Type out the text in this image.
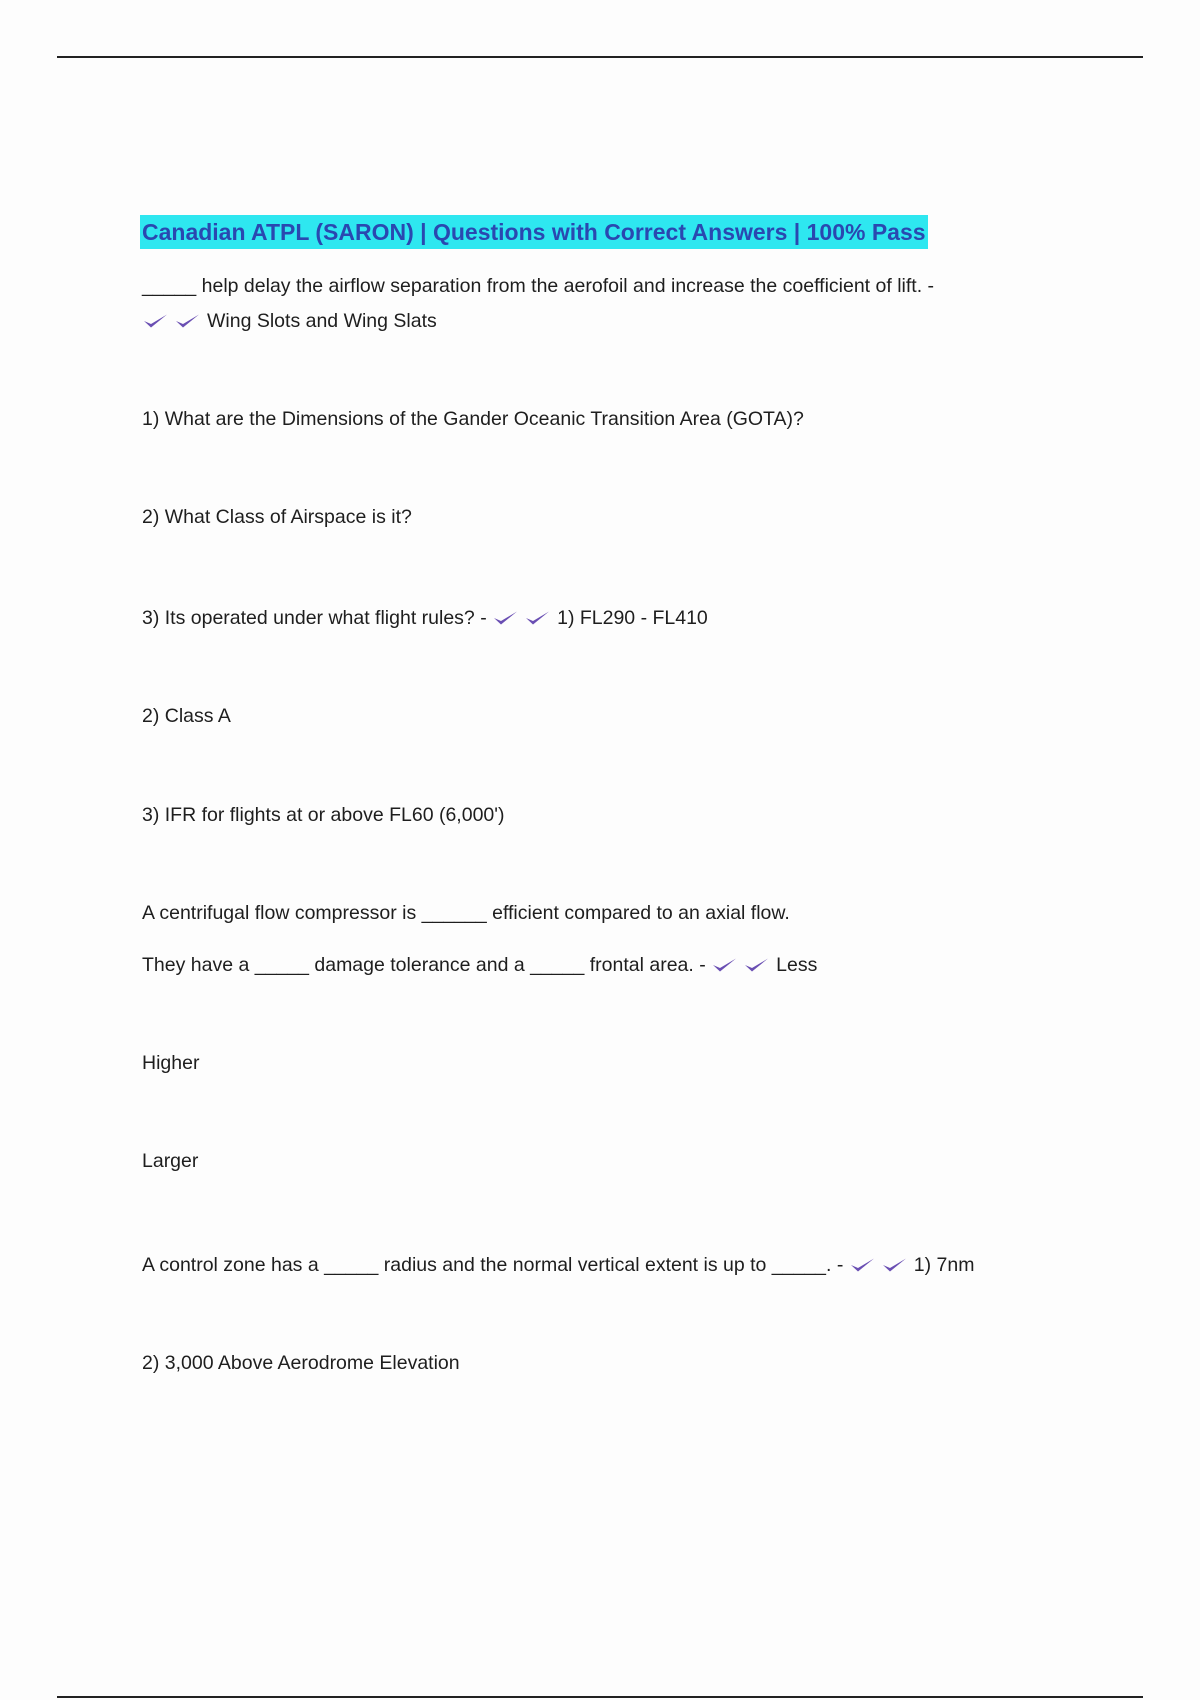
Canadian ATPL (SARON) | Questions with Correct Answers | 100% Pass
_____ help delay the airflow separation from the aerofoil and increase the coefficient of lift. -
Wing Slots and Wing Slats
1) What are the Dimensions of the Gander Oceanic Transition Area (GOTA)?
2) What Class of Airspace is it?
3) Its operated under what flight rules? -	1) FL290 - FL410
2) Class A
3) IFR for flights at or above FL60 (6,000')
A centrifugal flow compressor is ______ efficient compared to an axial flow.
They have a _____ damage tolerance and a _____ frontal area. -	Less
Higher
Larger
A control zone has a _____ radius and the normal vertical extent is up to _____. -	1) 7nm
2) 3,000 Above Aerodrome Elevation
